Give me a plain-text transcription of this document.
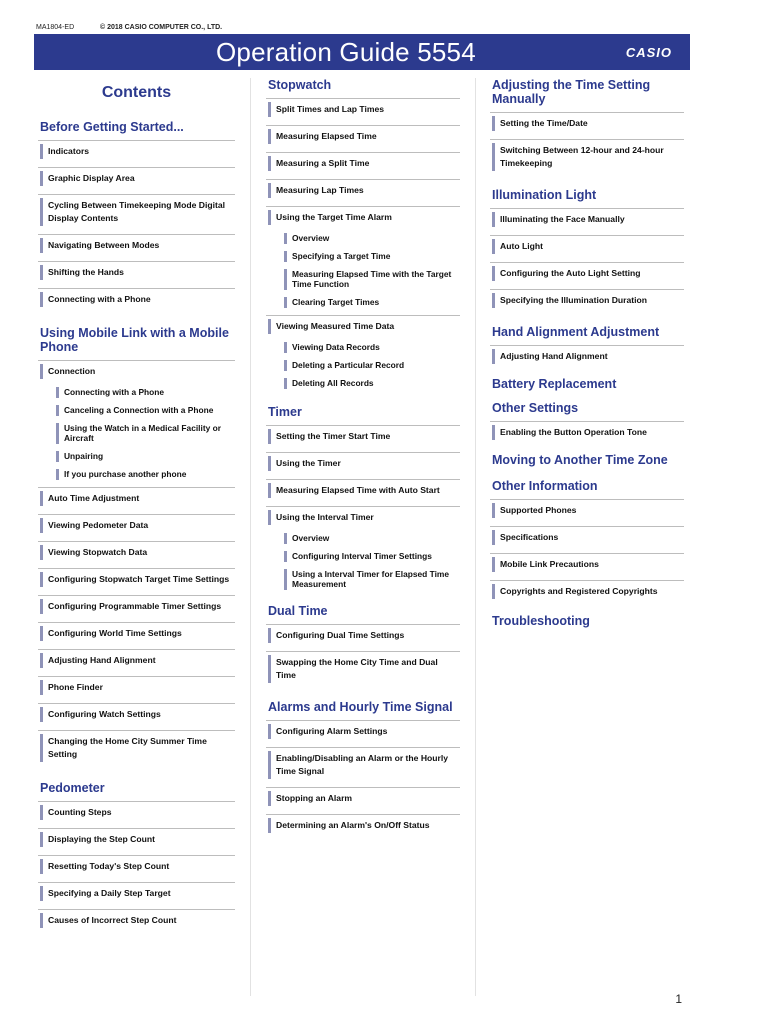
MA1804-ED	© 2018 CASIO COMPUTER CO., LTD.
Operation Guide 5554	CASIO
Contents
Before Getting Started...
Indicators
Graphic Display Area
Cycling Between Timekeeping Mode Digital Display Contents
Navigating Between Modes
Shifting the Hands
Connecting with a Phone
Using Mobile Link with a Mobile Phone
Connection
Connecting with a Phone
Canceling a Connection with a Phone
Using the Watch in a Medical Facility or Aircraft
Unpairing
If you purchase another phone
Auto Time Adjustment
Viewing Pedometer Data
Viewing Stopwatch Data
Configuring Stopwatch Target Time Settings
Configuring Programmable Timer Settings
Configuring World Time Settings
Adjusting Hand Alignment
Phone Finder
Configuring Watch Settings
Changing the Home City Summer Time Setting
Pedometer
Counting Steps
Displaying the Step Count
Resetting Today's Step Count
Specifying a Daily Step Target
Causes of Incorrect Step Count
Stopwatch
Split Times and Lap Times
Measuring Elapsed Time
Measuring a Split Time
Measuring Lap Times
Using the Target Time Alarm
Overview
Specifying a Target Time
Measuring Elapsed Time with the Target Time Function
Clearing Target Times
Viewing Measured Time Data
Viewing Data Records
Deleting a Particular Record
Deleting All Records
Timer
Setting the Timer Start Time
Using the Timer
Measuring Elapsed Time with Auto Start
Using the Interval Timer
Overview
Configuring Interval Timer Settings
Using a Interval Timer for Elapsed Time Measurement
Dual Time
Configuring Dual Time Settings
Swapping the Home City Time and Dual Time
Alarms and Hourly Time Signal
Configuring Alarm Settings
Enabling/Disabling an Alarm or the Hourly Time Signal
Stopping an Alarm
Determining an Alarm's On/Off Status
Adjusting the Time Setting Manually
Setting the Time/Date
Switching Between 12-hour and 24-hour Timekeeping
Illumination Light
Illuminating the Face Manually
Auto Light
Configuring the Auto Light Setting
Specifying the Illumination Duration
Hand Alignment Adjustment
Adjusting Hand Alignment
Battery Replacement
Other Settings
Enabling the Button Operation Tone
Moving to Another Time Zone
Other Information
Supported Phones
Specifications
Mobile Link Precautions
Copyrights and Registered Copyrights
Troubleshooting
1
